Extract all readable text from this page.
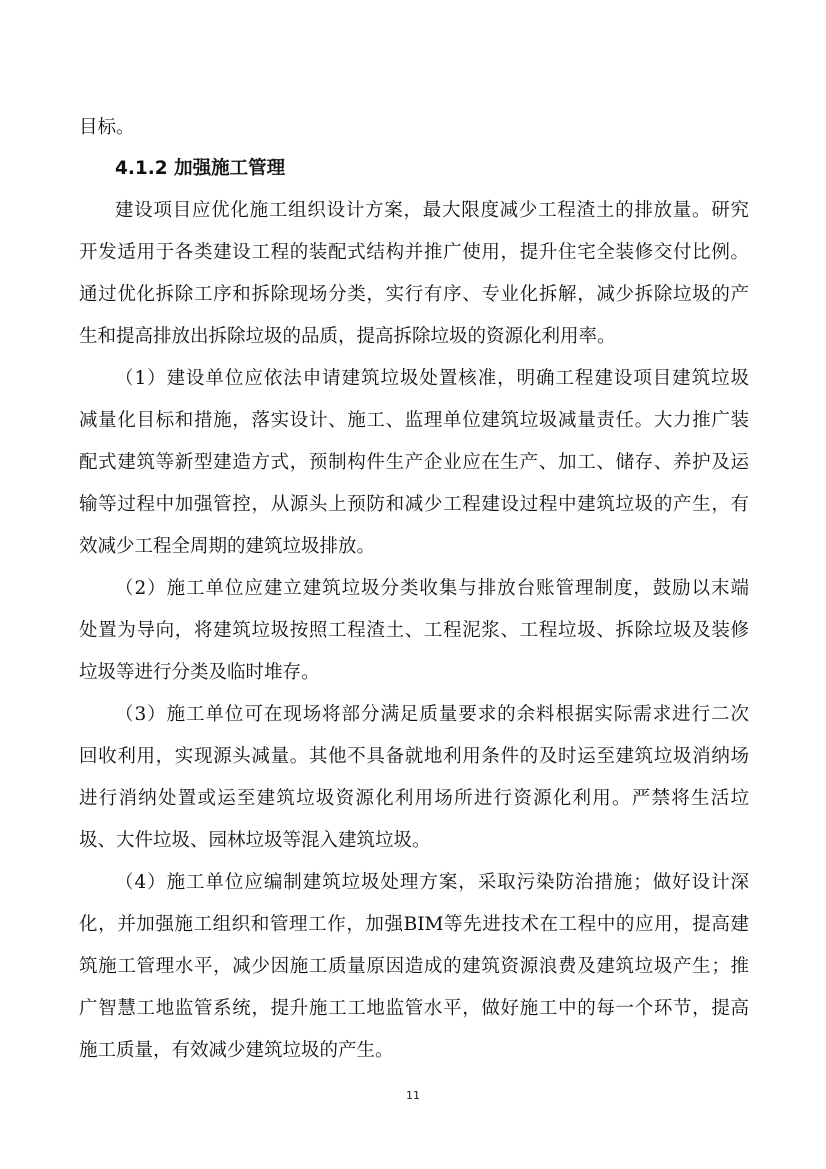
目标。
4.1.2 加强施工管理
建设项目应优化施工组织设计方案，最大限度减少工程渣土的排放量。研究
开发适用于各类建设工程的装配式结构并推广使用，提升住宅全装修交付比例。
通过优化拆除工序和拆除现场分类，实行有序、专业化拆解，减少拆除垃圾的产
生和提高排放出拆除垃圾的品质，提高拆除垃圾的资源化利用率。
（1）建设单位应依法申请建筑垃圾处置核准，明确工程建设项目建筑垃圾
减量化目标和措施，落实设计、施工、监理单位建筑垃圾减量责任。大力推广装
配式建筑等新型建造方式，预制构件生产企业应在生产、加工、储存、养护及运
输等过程中加强管控，从源头上预防和减少工程建设过程中建筑垃圾的产生，有
效减少工程全周期的建筑垃圾排放。
（2）施工单位应建立建筑垃圾分类收集与排放台账管理制度，鼓励以末端
处置为导向，将建筑垃圾按照工程渣土、工程泥浆、工程垃圾、拆除垃圾及装修
垃圾等进行分类及临时堆存。
（3）施工单位可在现场将部分满足质量要求的余料根据实际需求进行二次
回收利用，实现源头减量。其他不具备就地利用条件的及时运至建筑垃圾消纳场
进行消纳处置或运至建筑垃圾资源化利用场所进行资源化利用。严禁将生活垃
圾、大件垃圾、园林垃圾等混入建筑垃圾。
（4）施工单位应编制建筑垃圾处理方案，采取污染防治措施；做好设计深
化，并加强施工组织和管理工作，加强BIM等先进技术在工程中的应用，提高建
筑施工管理水平，减少因施工质量原因造成的建筑资源浪费及建筑垃圾产生；推
广智慧工地监管系统，提升施工工地监管水平，做好施工中的每一个环节，提高
施工质量，有效减少建筑垃圾的产生。
11
